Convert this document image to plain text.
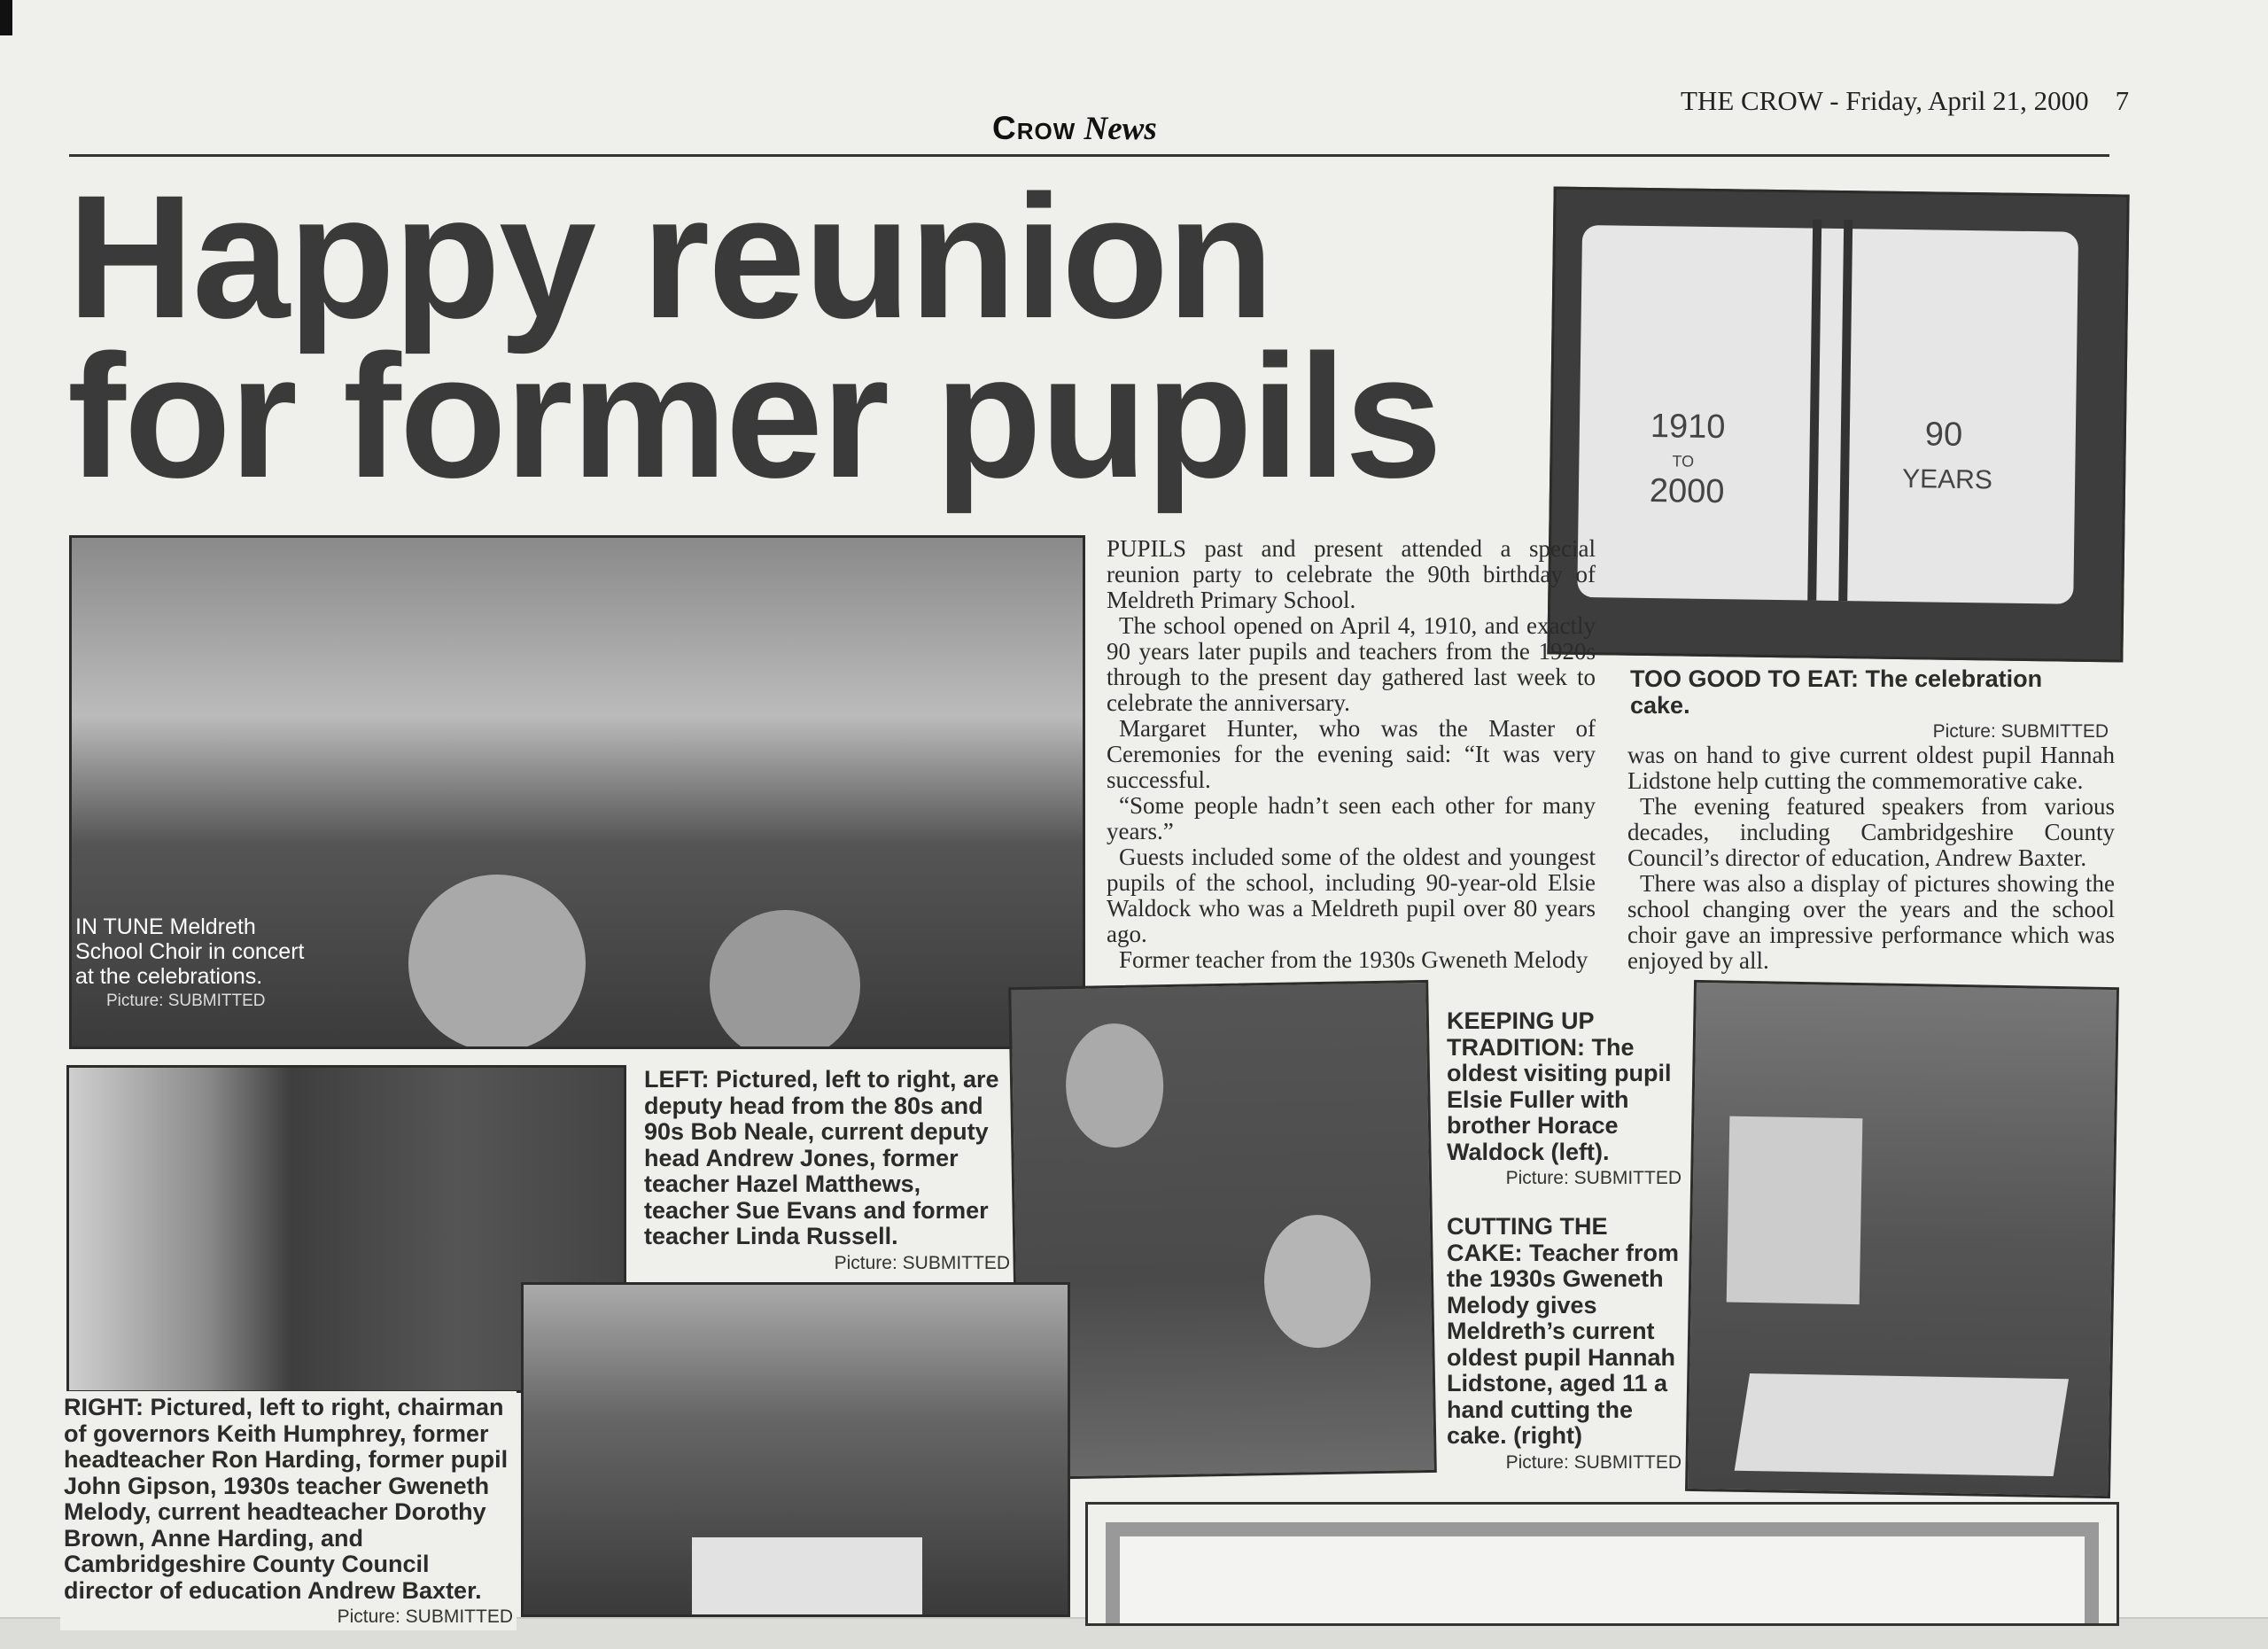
THE CROW - Friday, April 21, 2000 7
Crow News
Happy reunion
for former pupils	1910
TO
2000
90
YEARS
TOO GOOD TO EAT: The celebration cake.
Picture: SUBMITTED
IN TUNE Meldreth School Choir in concert at the celebrations.
Picture: SUBMITTED

PUPILS past and present attended a special reunion party to celebrate the 90th birthday of Meldreth Primary School.

The school opened on April 4, 1910, and exactly 90 years later pupils and teachers from the 1920s through to the present day gathered last week to celebrate the anniversary.

Margaret Hunter, who was the Master of Ceremonies for the evening said: “It was very successful.

“Some people hadn’t seen each other for many years.”

Guests included some of the oldest and youngest pupils of the school, including 90-year-old Elsie Waldock who was a Meldreth pupil over 80 years ago.

Former teacher from the 1930s Gweneth Melody

was on hand to give current oldest pupil Hannah Lidstone help cutting the commemorative cake.

The evening featured speakers from various decades, including Cambridgeshire County Council’s director of education, Andrew Baxter.

There was also a display of pictures showing the school changing over the years and the school choir gave an impressive performance which was enjoyed by all.

LEFT: Pictured, left to right, are deputy head from the 80s and 90s Bob Neale, current deputy head Andrew Jones, former teacher Hazel Matthews, teacher Sue Evans and former teacher Linda Russell.
Picture: SUBMITTED
KEEPING UP TRADITION: The oldest visiting pupil Elsie Fuller with brother Horace Waldock (left).
Picture: SUBMITTED
CUTTING THE CAKE: Teacher from the 1930s Gweneth Melody gives Meldreth’s current oldest pupil Hannah Lidstone, aged 11 a hand cutting the cake. (right)
Picture: SUBMITTED
RIGHT: Pictured, left to right, chairman of governors Keith Humphrey, former headteacher Ron Harding, former pupil John Gipson, 1930s teacher Gweneth Melody, current headteacher Dorothy Brown, Anne Harding, and Cambridgeshire County Council director of education Andrew Baxter.
Picture: SUBMITTED
